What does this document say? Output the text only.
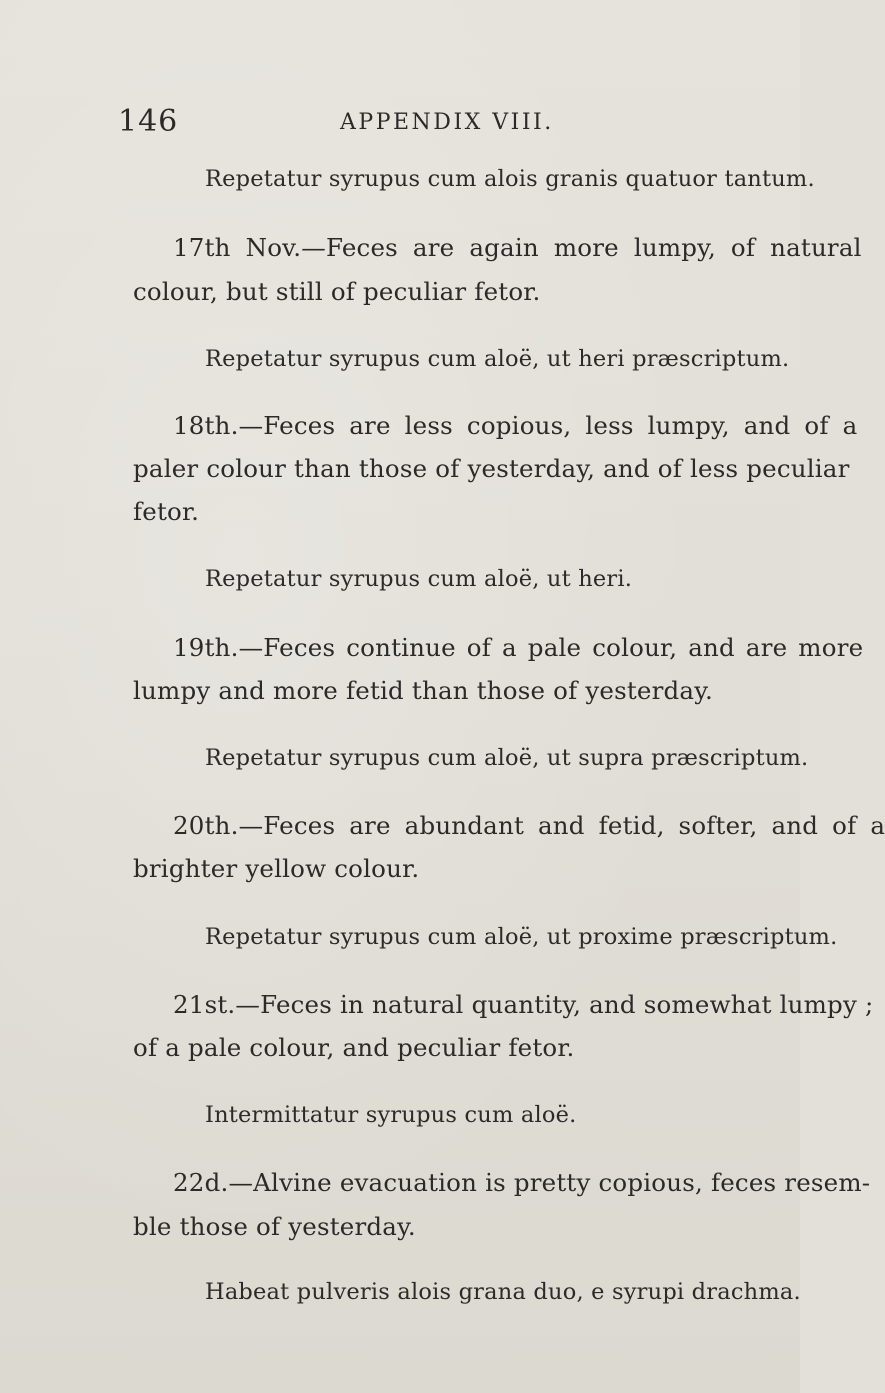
146	APPENDIX VIII.
Repetatur syrupus cum alois granis quatuor tantum.
17th Nov.—Feces are again more lumpy, of natural
colour, but still of peculiar fetor.
Repetatur syrupus cum aloë, ut heri præscriptum.
18th.—Feces are less copious, less lumpy, and of a
paler colour than those of yesterday, and of less peculiar
fetor.
Repetatur syrupus cum aloë, ut heri.
19th.—Feces continue of a pale colour, and are more
lumpy and more fetid than those of yesterday.
Repetatur syrupus cum aloë, ut supra præscriptum.
20th.—Feces are abundant and fetid, softer, and of a
brighter yellow colour.
Repetatur syrupus cum aloë, ut proxime præscriptum.
21st.—Feces in natural quantity, and somewhat lumpy ;
of a pale colour, and peculiar fetor.
Intermittatur syrupus cum aloë.
22d.—Alvine evacuation is pretty copious, feces resem-
ble those of yesterday.
Habeat pulveris alois grana duo, e syrupi drachma.
